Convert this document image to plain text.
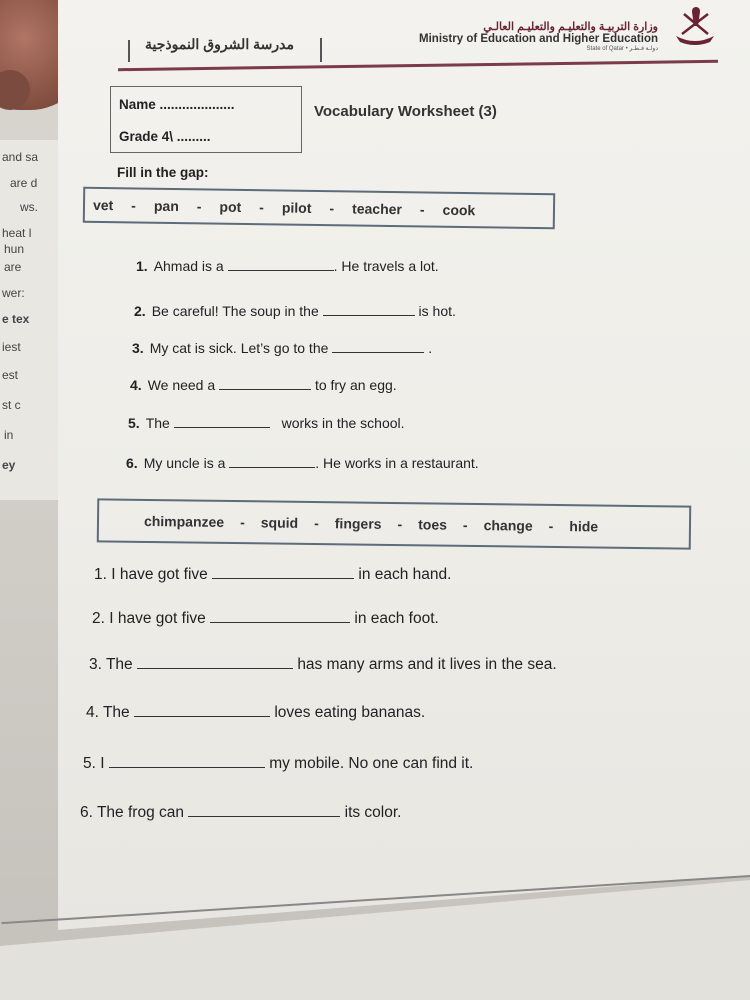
and sa
are d
ws.
heat l
hun
are
wer:
e tex
iest
est
st c
in
ey
مدرسة الشروق النموذجية
وزارة التربيـة والتعليـم والتعليـم العالـي
Ministry of Education and Higher Education
State of Qatar • دولـة قـطـر
Name ....................
Grade 4\ .........
Vocabulary Worksheet (3)
Fill in the gap:
vet	-	pan	-	pot	-	pilot	-	teacher	-	cook
1. Ahmad is a	. He travels a lot.
2. Be careful! The soup in the	is hot.
3. My cat is sick. Let’s go to the	.
4. We need a	to fry an egg.
5. The	works in the school.
6. My uncle is a	. He works in a restaurant.
chimpanzee	-	squid	-	fingers	-	toes	-	change	-	hide
1. I have got five	in each hand.
2. I have got five	in each foot.
3. The	has many arms and it lives in the sea.
4. The	loves eating bananas.
5. I	my mobile. No one can find it.
6. The frog can	its color.
